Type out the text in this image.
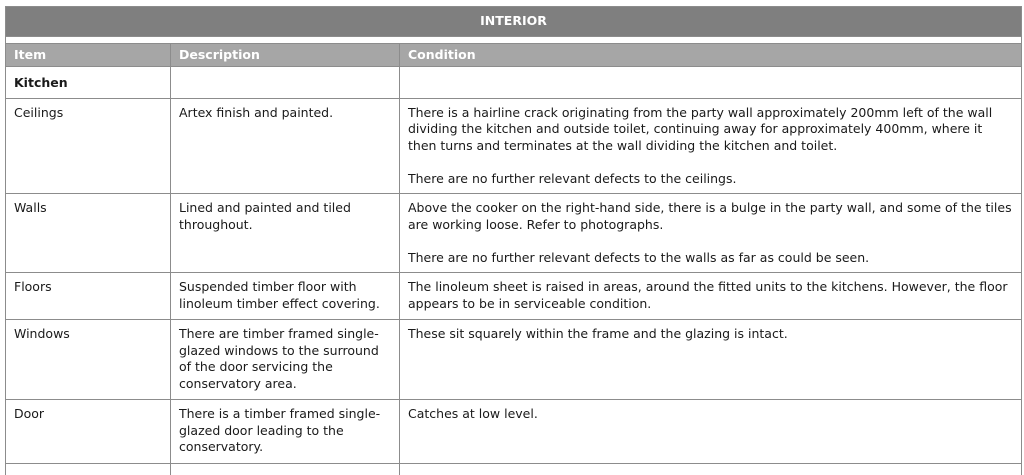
INTERIOR		

Item	Description	Condition
Kitchen		
Ceilings	Artex finish and painted.	There is a hairline crack originating from the party wall approximately 200mm left of the wall dividing the kitchen and outside toilet, continuing away for approximately 400mm, where it then turns and terminates at the wall dividing the kitchen and toilet.

There are no further relevant defects to the ceilings.

Walls	Lined and painted and tiled throughout.	Above the cooker on the right-hand side, there is a bulge in the party wall, and some of the tiles are working loose. Refer to photographs.

There are no further relevant defects to the walls as far as could be seen.

Floors	Suspended timber floor with linoleum timber effect covering.	The linoleum sheet is raised in areas, around the fitted units to the kitchens. However, the floor appears to be in serviceable condition.

Windows	There are timber framed single-glazed windows to the surround of the door servicing the conservatory area.	These sit squarely within the frame and the glazing is intact.

Door	There is a timber framed single-glazed door leading to the conservatory.	Catches at low level.
